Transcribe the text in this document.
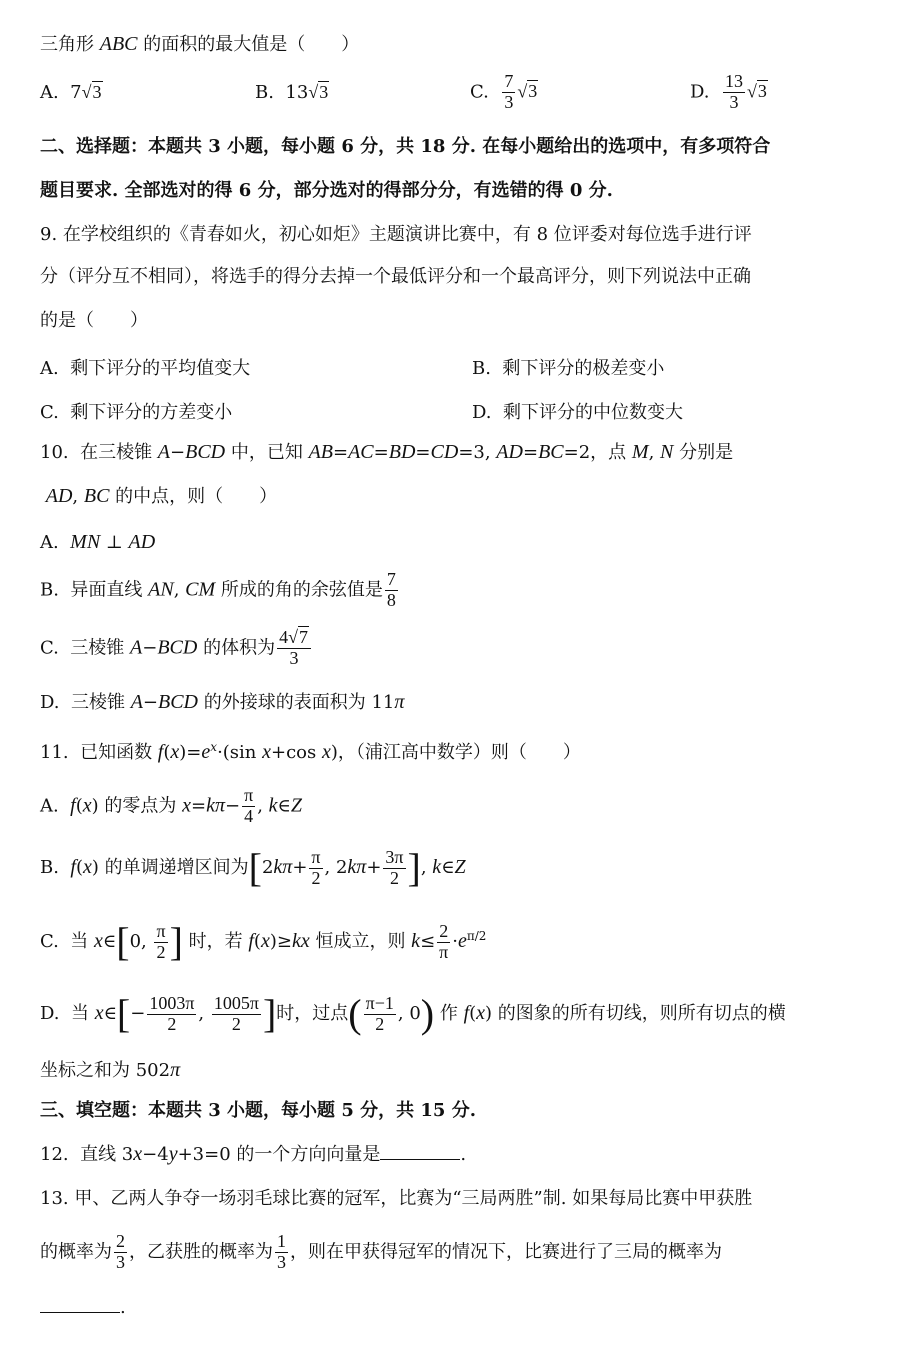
三角形 ABC 的面积的最大值是（　　）
A.  7√3	B.  13√3	C. $\frac{7}{3} √3$	D. $\frac{13}{3} √3$
二、选择题：本题共 3 小题，每小题 6 分，共 18 分. 在每小题给出的选项中，有多项符合
题目要求. 全部选对的得 6 分，部分选对的得部分分，有选错的得 0 分.
9. 在学校组织的《青春如火，初心如炬》主题演讲比赛中，有 8 位评委对每位选手进行评
分（评分互不相同），将选手的得分去掉一个最低评分和一个最高评分，则下列说法中正确
的是（　　）
A. 剩下评分的平均值变大	B. 剩下评分的极差变小
C. 剩下评分的方差变小	D. 剩下评分的中位数变大
10.  在三棱锥 A−BCD 中，已知 AB=AC=BD=CD=3, AD=BC=2，点 M, N 分别是
AD, BC 的中点，则（　　）
A.  MN ⊥ AD
B.  异面直线 AN, CM 所成的角的余弦值是 $\frac{7}{8}$
C.  三棱锥 A−BCD 的体积为 $\frac{4√7}{3}$
D.  三棱锥 A−BCD 的外接球的表面积为 11π
11.  已知函数 $f(x)=e^x\cdot(\sin$ x+cos x)，（浦江高中数学）则（　　）
A.  f(x) 的零点为 $x=k\pi- \frac{\pi}{4}$ , k∈Z
B.  f(x) 的单调递增区间为[$2k\pi+ \frac{\pi}{2}$ , $2k\pi+ \frac{3\pi}{2}$ ], k∈Z
C.  当 x∈[0, $\frac{\pi}{2}$ ] 时，若 f(x)≥kx 恒成立，则 $k\le \frac{2}{\pi} \cdot e^{\pi/2}$
D.  当 x∈[− $\frac{1003\pi}{2}$ , $\frac{1005\pi}{2}$ ]时，过点( $\frac{\pi-1}{2}$ , 0) 作 f(x) 的图象的所有切线，则所有切点的横
坐标之和为 502π
三、填空题：本题共 3 小题，每小题 5 分，共 15 分.
12.  直线 3x−4y+3=0 的一个方向向量是	.
13. 甲、乙两人争夺一场羽毛球比赛的冠军，比赛为“三局两胜”制. 如果每局比赛中甲获胜
的概率为 $\frac{2}{3}$ ，乙获胜的概率为 $\frac{1}{3}$ ，则在甲获得冠军的情况下，比赛进行了三局的概率为
.
